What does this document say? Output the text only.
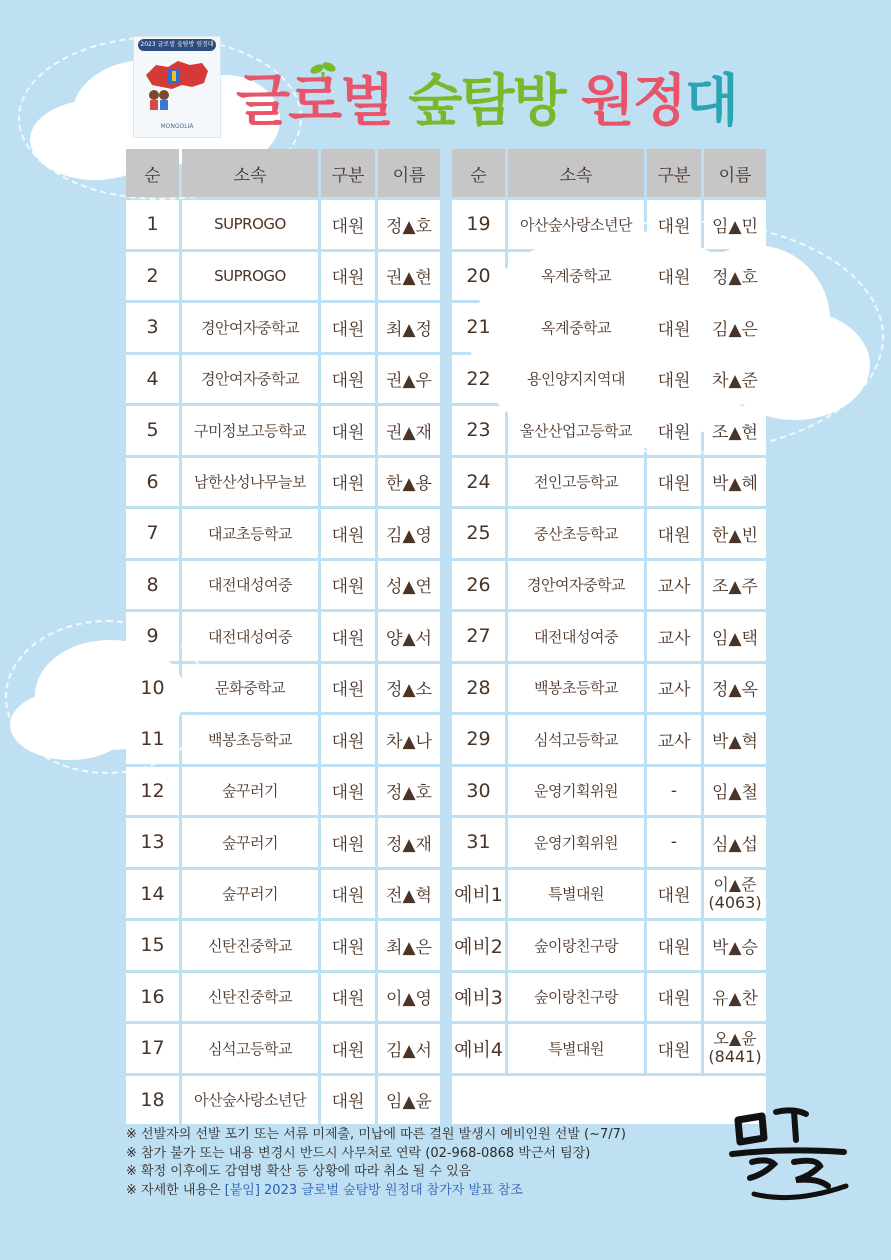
2023 글로벌 숲탐방 원정대
MONGOLIA 글로벌 숲탐방 원정대
순	소속	구분	이름
1	SUPROGO	대원	정▲호
2	SUPROGO	대원	권▲현
3	경안여자중학교	대원	최▲정
4	경안여자중학교	대원	권▲우
5	구미정보고등학교	대원	권▲재
6	남한산성나무늘보	대원	한▲용
7	대교초등학교	대원	김▲영
8	대전대성여중	대원	성▲연
9	대전대성여중	대원	양▲서
10	문화중학교	대원	정▲소
11	백봉초등학교	대원	차▲나
12	숲꾸러기	대원	정▲호
13	숲꾸러기	대원	정▲재
14	숲꾸러기	대원	전▲혁
15	신탄진중학교	대원	최▲은
16	신탄진중학교	대원	이▲영
17	심석고등학교	대원	김▲서
18	아산숲사랑소년단	대원	임▲윤
순	소속	구분	이름
19	아산숲사랑소년단	대원	임▲민
20	옥계중학교	대원	정▲호
21	옥계중학교	대원	김▲은
22	용인양지지역대	대원	차▲준
23	울산산업고등학교	대원	조▲현
24	전인고등학교	대원	박▲혜
25	중산초등학교	대원	한▲빈
26	경안여자중학교	교사	조▲주
27	대전대성여중	교사	임▲택
28	백봉초등학교	교사	정▲옥
29	심석고등학교	교사	박▲혁
30	운영기획위원	-	임▲철
31	운영기획위원	-	심▲섭
예비1	특별대원	대원	이▲준
(4063)

예비2	숲이랑친구랑	대원	박▲승
예비3	숲이랑친구랑	대원	유▲찬
예비4	특별대원	대원	오▲윤
(8441)

※ 선발자의 선발 포기 또는 서류 미제출, 미납에 따른 결원 발생시 예비인원 선발 (~7/7)
※ 참가 불가 또는 내용 변경시 반드시 사무처로 연락 (02-968-0868 박근서 팀장)
※ 확정 이후에도 감염병 확산 등 상황에 따라 취소 될 수 있음
※ 자세한 내용은 [붙임] 2023 글로벌 숲탐방 원정대 참가자 발표 참조
